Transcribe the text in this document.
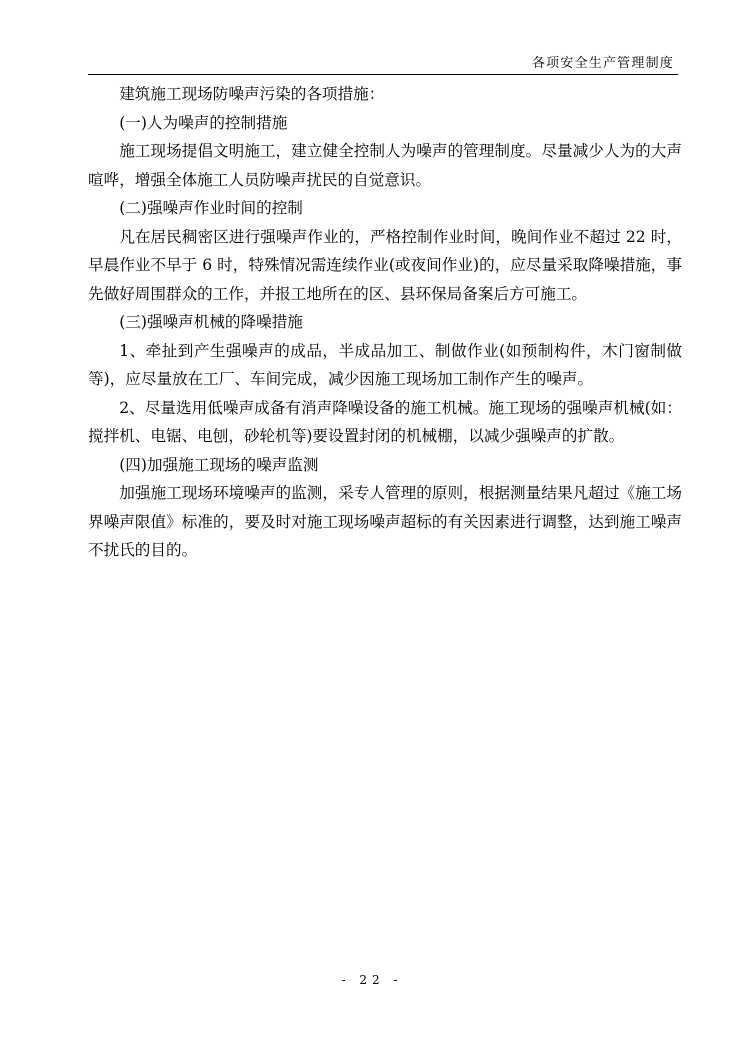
各项安全生产管理制度

建筑施工现场防噪声污染的各项措施：

(一)人为噪声的控制措施

施工现场提倡文明施工，建立健全控制人为噪声的管理制度。尽量减少人为的大声喧哗，增强全体施工人员防噪声扰民的自觉意识。

(二)强噪声作业时间的控制

凡在居民稠密区进行强噪声作业的，严格控制作业时间，晚间作业不超过 22 时，早晨作业不早于 6 时，特殊情况需连续作业(或夜间作业)的，应尽量采取降噪措施，事先做好周围群众的工作，并报工地所在的区、县环保局备案后方可施工。

(三)强噪声机械的降噪措施

1、牵扯到产生强噪声的成品，半成品加工、制做作业(如预制构件，木门窗制做等)，应尽量放在工厂、车间完成，减少因施工现场加工制作产生的噪声。

2、尽量选用低噪声成备有消声降噪设备的施工机械。施工现场的强噪声机械(如：搅拌机、电锯、电刨，砂轮机等)要设置封闭的机械棚，以减少强噪声的扩散。

(四)加强施工现场的噪声监测

加强施工现场环境噪声的监测，采专人管理的原则，根据测量结果凡超过《施工场界噪声限值》标准的，要及时对施工现场噪声超标的有关因素进行调整，达到施工噪声不扰氏的目的。

- 22 -
